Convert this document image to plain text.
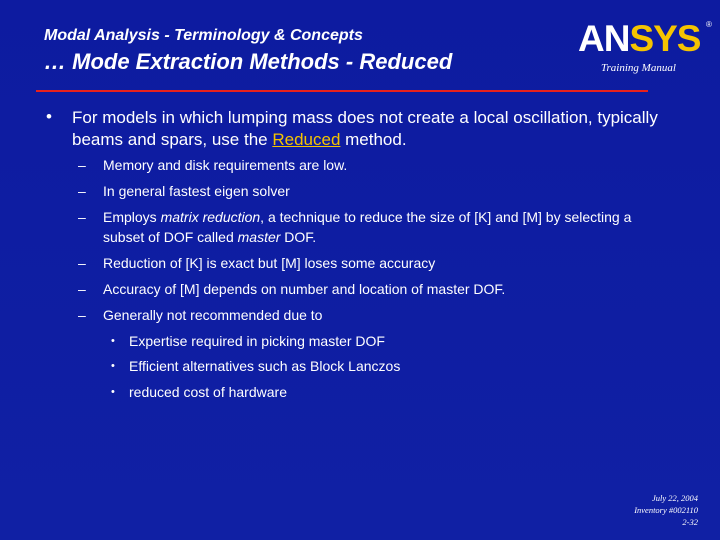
Modal Analysis - Terminology & Concepts
… Mode Extraction Methods - Reduced
ANSYS ®
Training Manual
• For models in which lumping mass does not create a local oscillation, typically beams and spars, use the Reduced method.
– Memory and disk requirements are low.
– In general fastest eigen solver
– Employs matrix reduction, a technique to reduce the size of [K] and [M] by selecting a subset of DOF called master DOF.
– Reduction of [K] is exact but [M] loses some accuracy
– Accuracy of [M] depends on number and location of master DOF.
– Generally not recommended due to
• Expertise required in picking master DOF
• Efficient alternatives such as Block Lanczos
• reduced cost of hardware
July 22, 2004
Inventory #002110
2-32
